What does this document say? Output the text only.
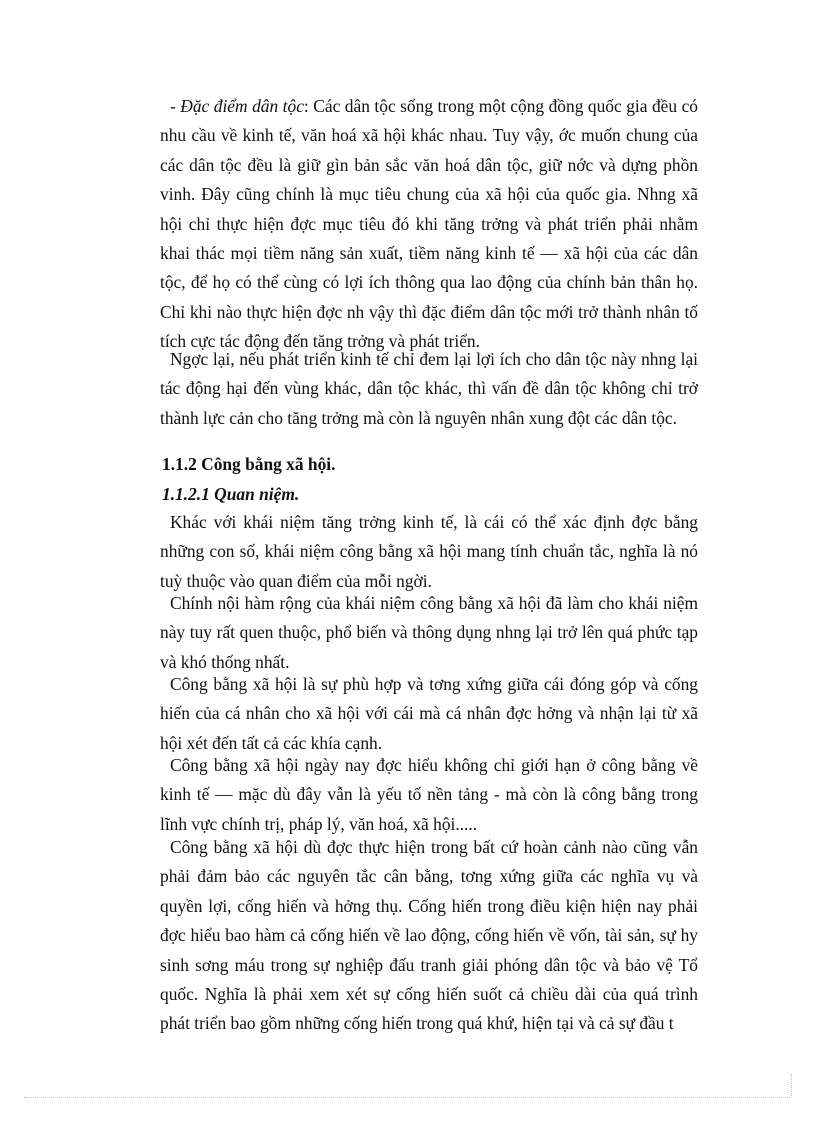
- Đặc điểm dân tộc: Các dân tộc sống trong một cộng đồng quốc gia đều có nhu cầu về kinh tế, văn hoá xã hội khác nhau. Tuy vậy, ớc muốn chung của các dân tộc đều là giữ gìn bản sắc văn hoá dân tộc, giữ nớc và dựng phồn vinh. Đây cũng chính là mục tiêu chung của xã hội của quốc gia. Nhng xã hội chỉ thực hiện đợc mục tiêu đó khi tăng trởng và phát triển phải nhằm khai thác mọi tiềm năng sản xuất, tiềm năng kinh tế — xã hội của các dân tộc, để họ có thể cùng có lợi ích thông qua lao động của chính bản thân họ. Chỉ khi nào thực hiện đợc nh vậy thì đặc điểm dân tộc mới trở thành nhân tố tích cực tác động đến tăng trởng và phát triển.

Ngợc lại, nếu phát triển kinh tế chỉ đem lại lợi ích cho dân tộc này nhng lại tác động hại đến vùng khác, dân tộc khác, thì vấn đề dân tộc không chỉ trở thành lực cản cho tăng trởng mà còn là nguyên nhân xung đột các dân tộc.

1.1.2 Công bằng xã hội.

1.1.2.1 Quan niệm.

Khác với khái niệm tăng trởng kinh tế, là cái có thể xác định đợc bằng những con số, khái niệm công bằng xã hội mang tính chuẩn tắc, nghĩa là nó tuỳ thuộc vào quan điểm của mỗi ngời.

Chính nội hàm rộng của khái niệm công bằng xã hội đã làm cho khái niệm này tuy rất quen thuộc, phổ biến và thông dụng nhng lại trở lên quá phức tạp và khó thống nhất.

Công bằng xã hội là sự phù hợp và tơng xứng giữa cái đóng góp và cống hiến của cá nhân cho xã hội với cái mà cá nhân đợc hởng và nhận lại từ xã hội xét đến tất cả các khía cạnh.

Công bằng xã hội ngày nay đợc hiểu không chỉ giới hạn ở công bằng về kinh tế — mặc dù đây vẫn là yếu tố nền tảng - mà còn là công bằng trong lĩnh vực chính trị, pháp lý, văn hoá, xã hội.....

Công bằng xã hội dù đợc thực hiện trong bất cứ hoàn cảnh nào cũng vẫn phải đảm bảo các nguyên tắc cân bằng, tơng xứng giữa các nghĩa vụ và quyền lợi, cống hiến và hởng thụ. Cống hiến trong điều kiện hiện nay phải đợc hiểu bao hàm cả cống hiến về lao động, cống hiến về vốn, tài sản, sự hy sinh sơng máu trong sự nghiệp đấu tranh giải phóng dân tộc và bảo vệ Tổ quốc. Nghĩa là phải xem xét sự cống hiến suốt cả chiều dài của quá trình phát triển bao gồm những cống hiến trong quá khứ, hiện tại và cả sự đầu t
